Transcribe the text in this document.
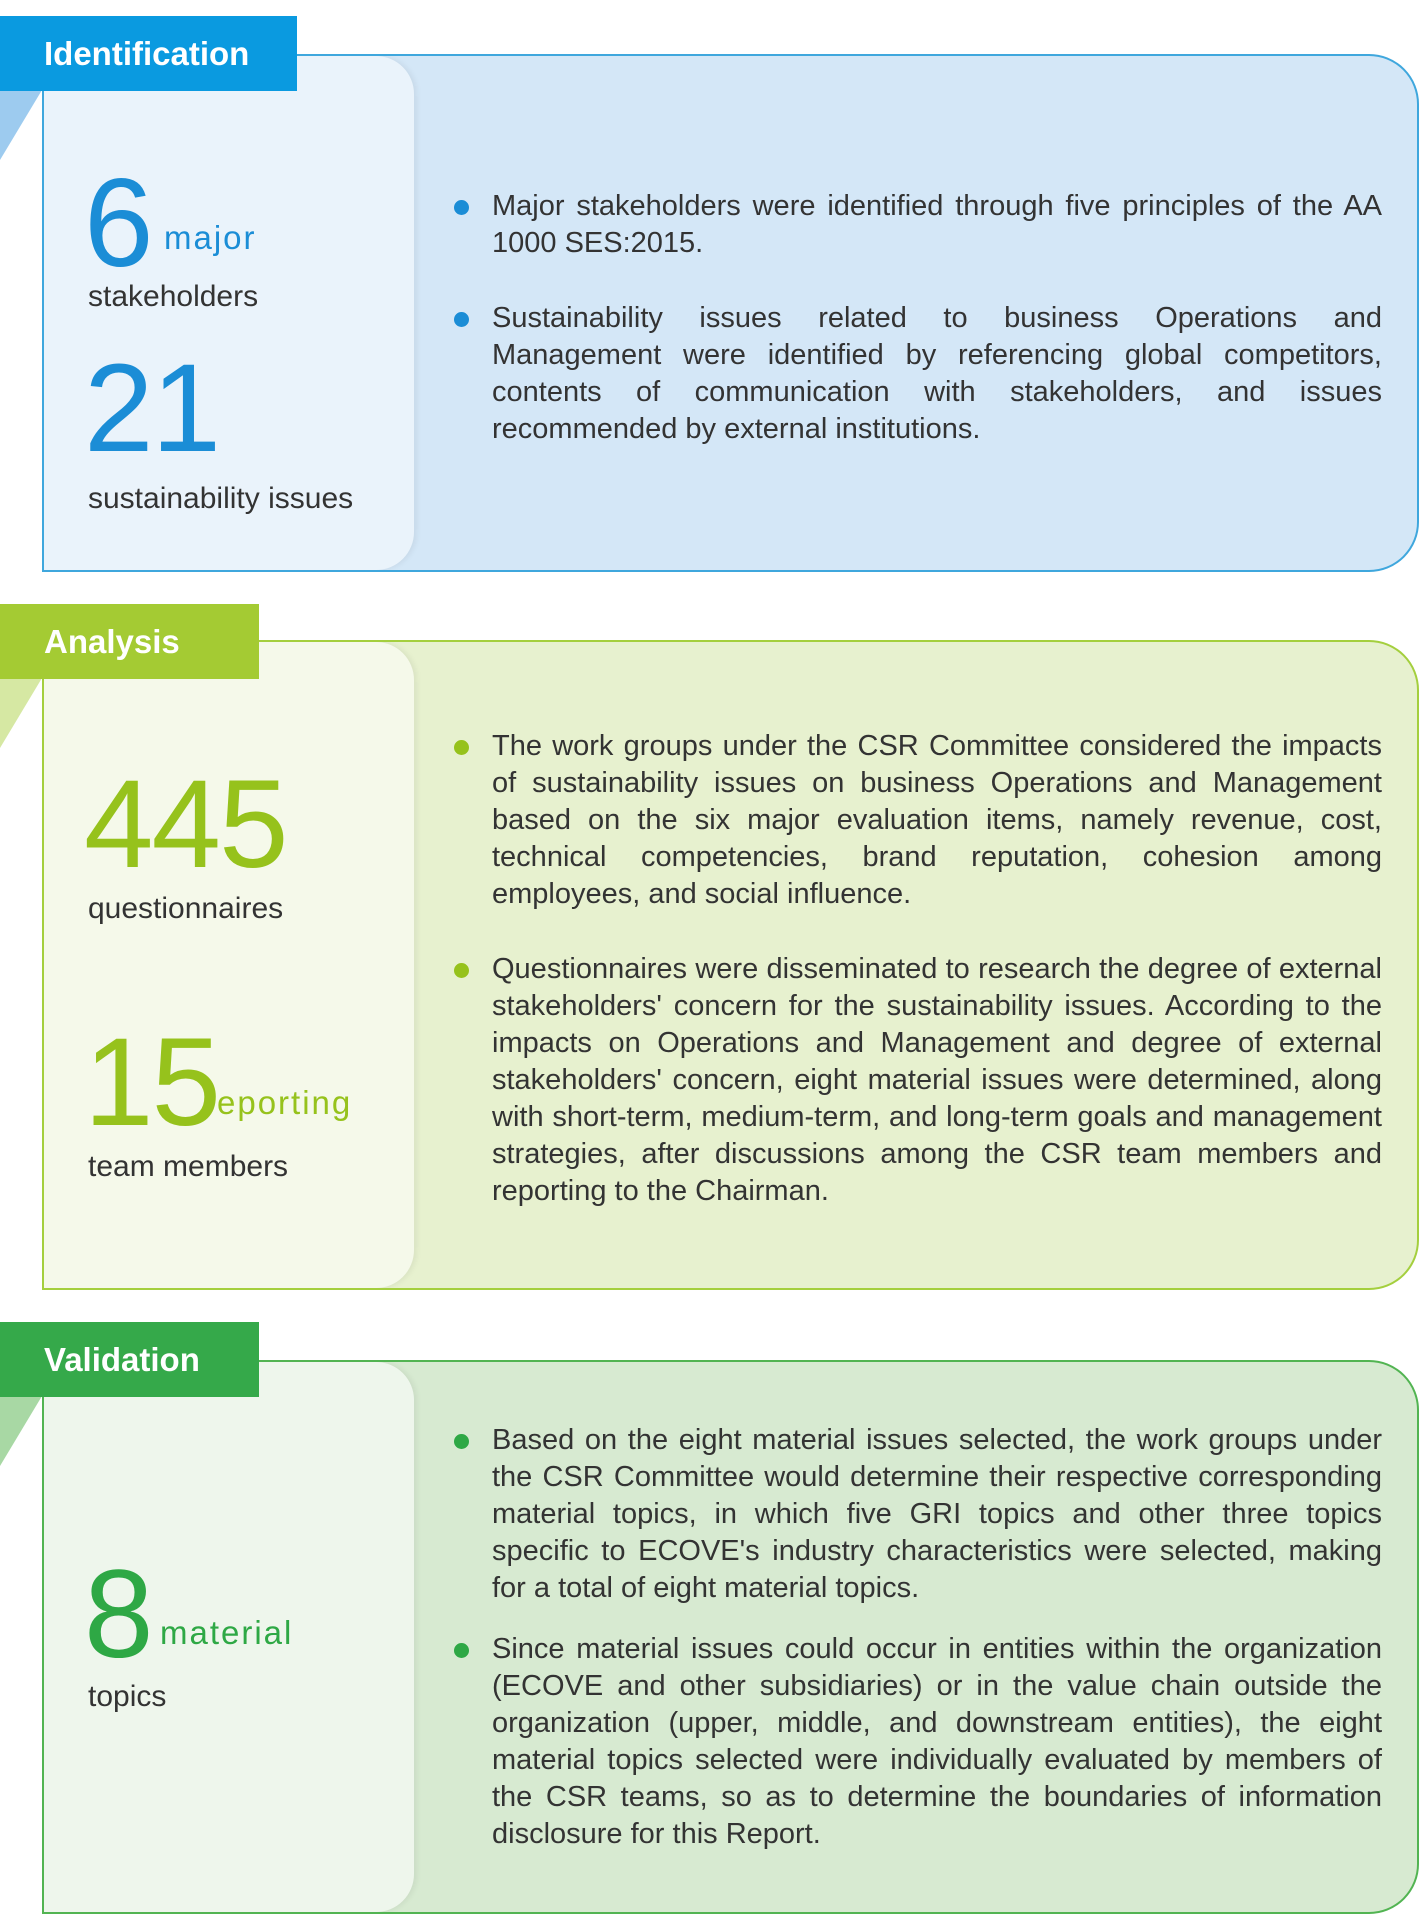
6 major
stakeholders
21
sustainability issues

Major stakeholders were identified through five principles of the AA 1000 SES:2015.

Sustainability issues related to business Operations and Management were identified by referencing global competitors, contents of communication with stakeholders, and issues recommended by external institutions.

Identification
445
questionnaires
15
reporting
team members

The work groups under the CSR Committee considered the impacts of sustainability issues on business Operations and Management based on the six major evaluation items, namely revenue, cost, technical competencies, brand reputation, cohesion among employees, and social influence.

Questionnaires were disseminated to research the degree of external stakeholders' concern for the sustainability issues. According to the impacts on Operations and Management and degree of external stakeholders' concern, eight material issues were determined, along with short-term, medium-term, and long-term goals and management strategies, after discussions among the CSR team members and reporting to the Chairman.

Analysis
8 material
topics

Based on the eight material issues selected, the work groups under the CSR Committee would determine their respective corresponding material topics, in which five GRI topics and other three topics specific to ECOVE's industry characteristics were selected, making for a total of eight material topics.

Since material issues could occur in entities within the organization (ECOVE and other subsidiaries) or in the value chain outside the organization (upper, middle, and downstream entities), the eight material topics selected were individually evaluated by members of the CSR teams, so as to determine the boundaries of information disclosure for this Report.

Validation
